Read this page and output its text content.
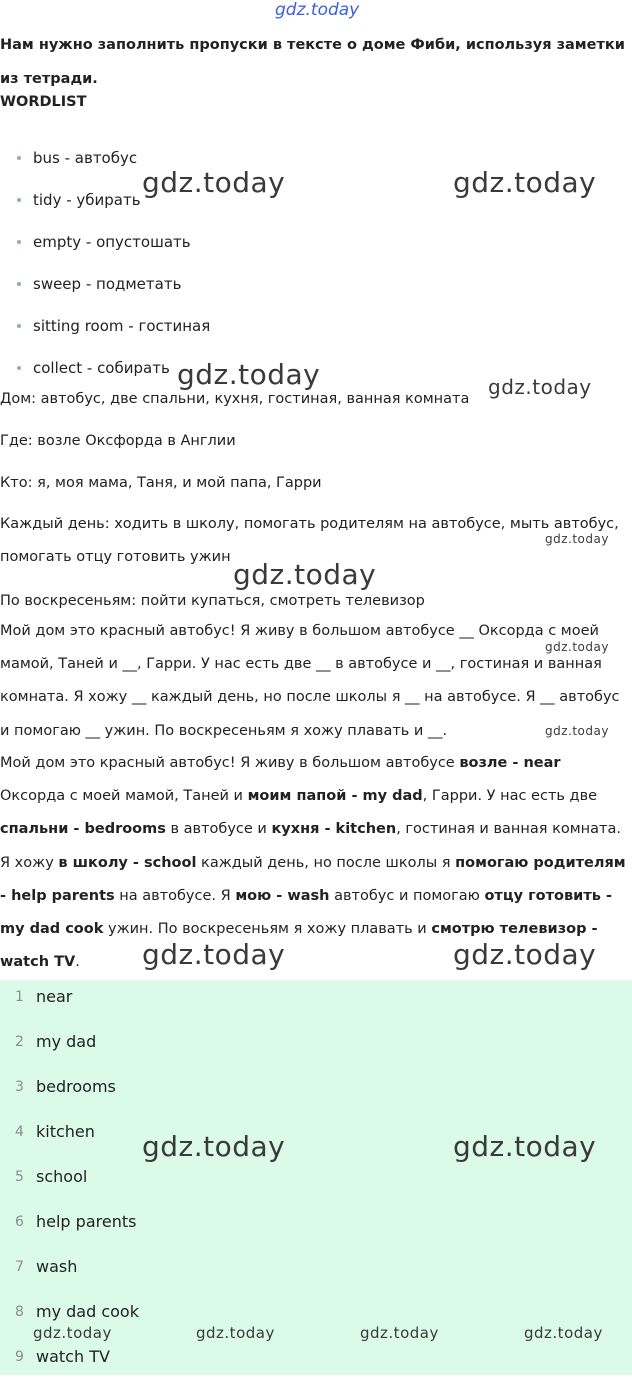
gdz.today
Нам нужно заполнить пропуски в тексте о доме Фиби, используя заметки из тетради.
WORDLIST
bus - автобус
tidy - убирать
empty - опустошать
sweep - подметать
sitting room - гостиная
collect - собирать
Дом: автобус, две спальни, кухня, гостиная, ванная комната
Где: возле Оксфорда в Англии
Кто: я, моя мама, Таня, и мой папа, Гарри
Каждый день: ходить в школу, помогать родителям на автобусе, мыть автобус, помогать отцу готовить ужин
По воскресеньям: пойти купаться, смотреть телевизор
Мой дом это красный автобус! Я живу в большом автобусе __ Оксорда с моей мамой, Таней и __, Гарри. У нас есть две __ в автобусе и __, гостиная и ванная комната. Я хожу __ каждый день, но после школы я __ на автобусе. Я __ автобус и помогаю __ ужин. По воскресеньям я хожу плавать и __.
Мой дом это красный автобус! Я живу в большом автобусе возле - near Оксорда с моей мамой, Таней и моим папой - my dad, Гарри. У нас есть две спальни - bedrooms в автобусе и кухня - kitchen, гостиная и ванная комната. Я хожу в школу - school каждый день, но после школы я помогаю родителям - help parents на автобусе. Я мою - wash автобус и помогаю отцу готовить - my dad cook ужин. По воскресеньям я хожу плавать и смотрю телевизор - watch TV.
1 near
2 my dad
3 bedrooms
4 kitchen
5 school
6 help parents
7 wash
8 my dad cook
9 watch TV
gdz.today	gdz.today
gdz.today	gdz.today
gdz.today
gdz.today
gdz.today
gdz.today
gdz.today	gdz.today
gdz.today	gdz.today
gdz.today	gdz.today	gdz.today	gdz.today
